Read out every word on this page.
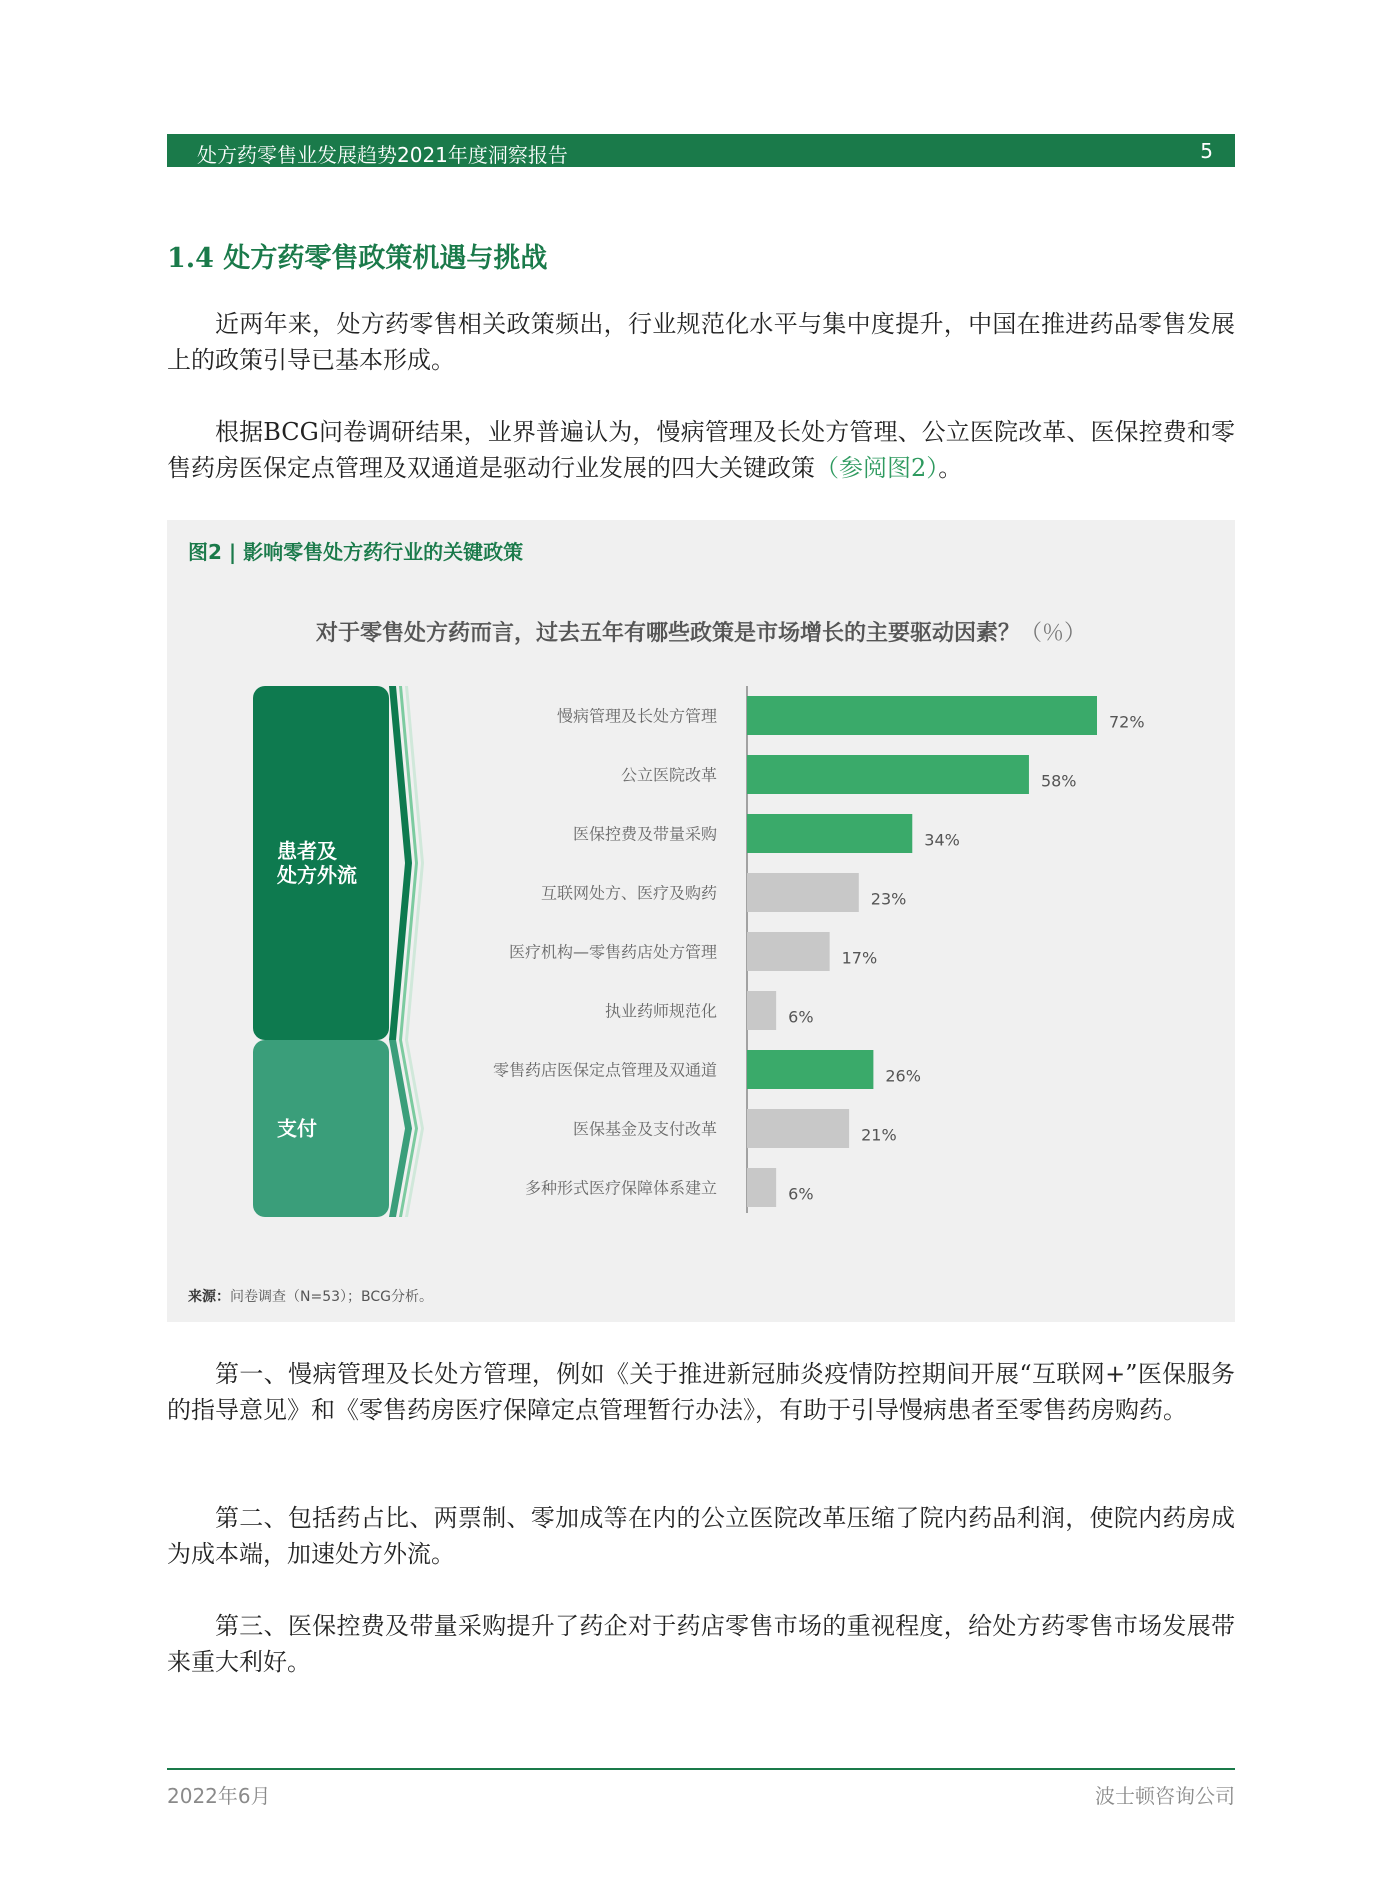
处方药零售业发展趋势2021年度洞察报告	5
1.4 处方药零售政策机遇与挑战

近两年来，处方药零售相关政策频出，行业规范化水平与集中度提升，中国在推进药品零售发展上的政策引导已基本形成。

根据BCG问卷调研结果，业界普遍认为，慢病管理及长处方管理、公立医院改革、医保控费和零售药房医保定点管理及双通道是驱动行业发展的四大关键政策（参阅图2）。

图2 | 影响零售处方药行业的关键政策
对于零售处方药而言，过去五年有哪些政策是市场增长的主要驱动因素？（％）
患者及
处方外流
支付
慢病管理及长处方管理	72%
公立医院改革	58%
医保控费及带量采购	34%
互联网处方、医疗及购药	23%
医疗机构—零售药店处方管理	17%
执业药师规范化	6%
零售药店医保定点管理及双通道	26%
医保基金及支付改革	21%
多种形式医疗保障体系建立	6%
来源：问卷调查（N=53）；BCG分析。

第一、慢病管理及长处方管理，例如《关于推进新冠肺炎疫情防控期间开展“互联网+”医保服务的指导意见》和《零售药房医疗保障定点管理暂行办法》，有助于引导慢病患者至零售药房购药。

第二、包括药占比、两票制、零加成等在内的公立医院改革压缩了院内药品利润，使院内药房成为成本端，加速处方外流。

第三、医保控费及带量采购提升了药企对于药店零售市场的重视程度，给处方药零售市场发展带来重大利好。

2022年6月	波士顿咨询公司
